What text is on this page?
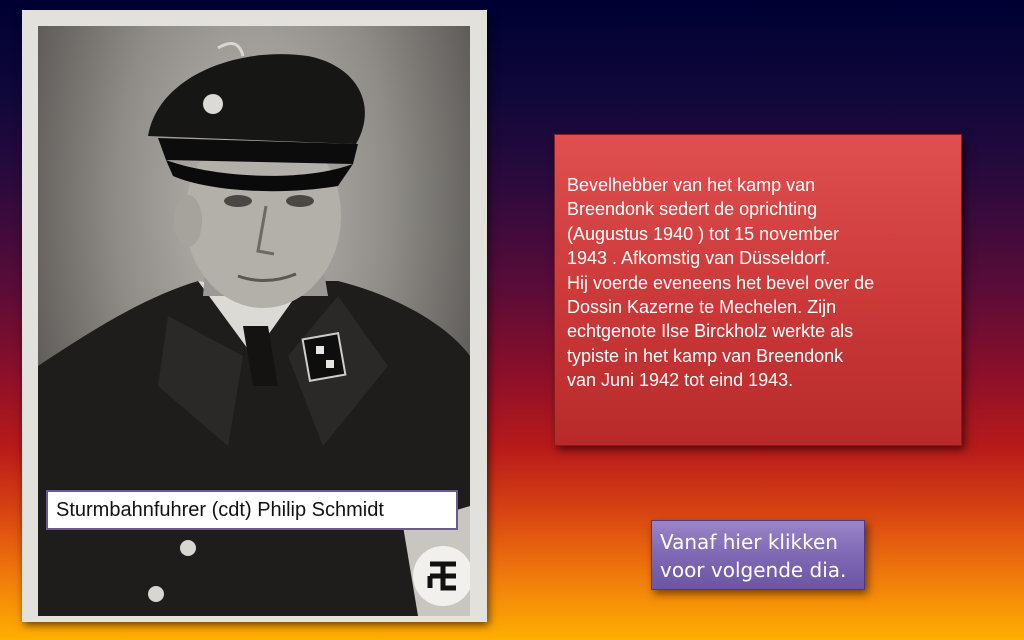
Sturmbahnfuhrer (cdt) Philip Schmidt

Bevelhebber van het kamp van

Breendonk sedert de oprichting

(Augustus 1940 ) tot 15 november

1943 . Afkomstig van Düsseldorf.

Hij voerde eveneens het bevel over de

Dossin Kazerne te Mechelen. Zijn

echtgenote Ilse Birckholz werkte als

typiste in het kamp van Breendonk

van Juni 1942 tot eind 1943.

Vanaf hier klikken
voor volgende dia.
